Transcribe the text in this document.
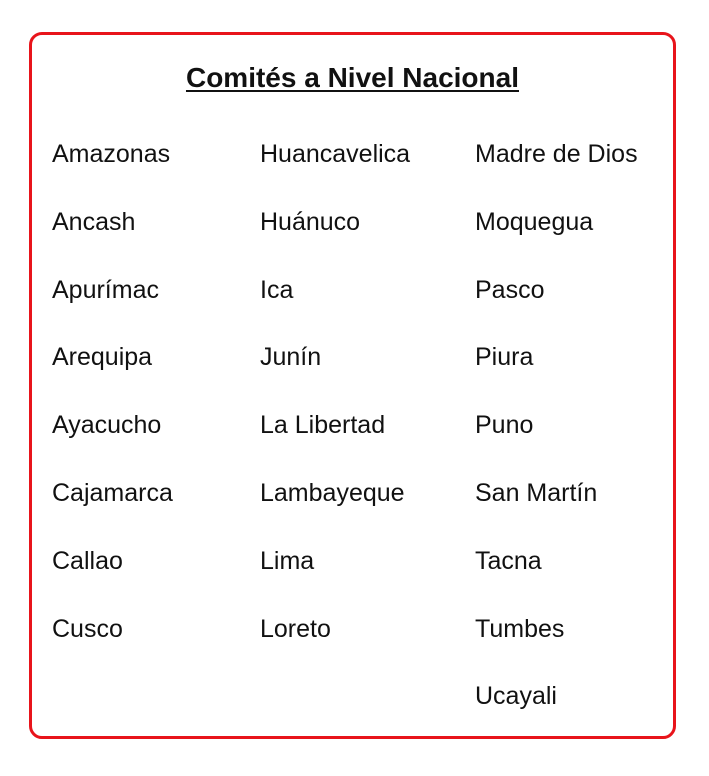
Comités a Nivel Nacional
Amazonas
Ancash
Apurímac
Arequipa
Ayacucho
Cajamarca
Callao
Cusco
Huancavelica
Huánuco
Ica
Junín
La Libertad
Lambayeque
Lima
Loreto
Madre de Dios
Moquegua
Pasco
Piura
Puno
San Martín
Tacna
Tumbes
Ucayali
